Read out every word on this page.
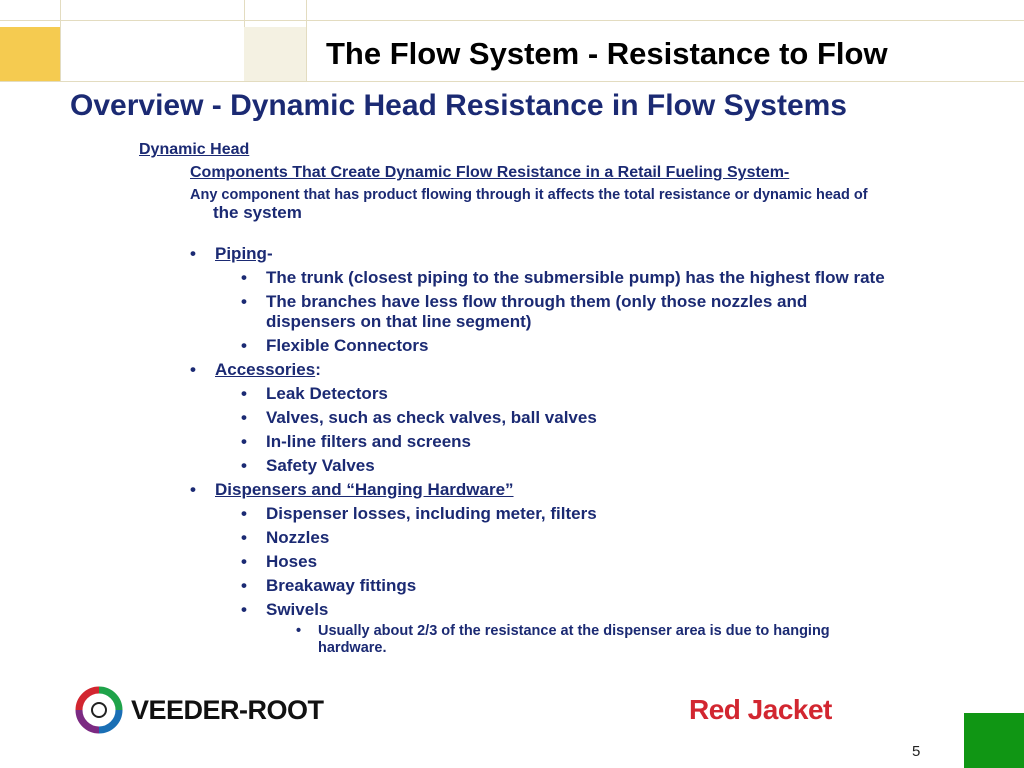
The Flow System - Resistance to Flow
Overview - Dynamic Head Resistance in Flow Systems
Dynamic Head
Components That Create Dynamic Flow Resistance in a Retail Fueling System-
Any component that has product flowing through it affects the total resistance or dynamic head of
the system
• Piping-
• The trunk (closest piping to the submersible pump) has the highest flow rate
• The branches have less flow through them (only those nozzles and
dispensers on that line segment)
• Flexible Connectors
• Accessories:
• Leak Detectors
• Valves, such as check valves, ball valves
• In-line filters and screens
• Safety Valves
• Dispensers and “Hanging Hardware”
• Dispenser losses, including meter, filters
• Nozzles
• Hoses
• Breakaway fittings
• Swivels
• Usually about 2/3 of the resistance at the dispenser area is due to hanging
hardware.
VEEDER-ROOT	Red Jacket
5
